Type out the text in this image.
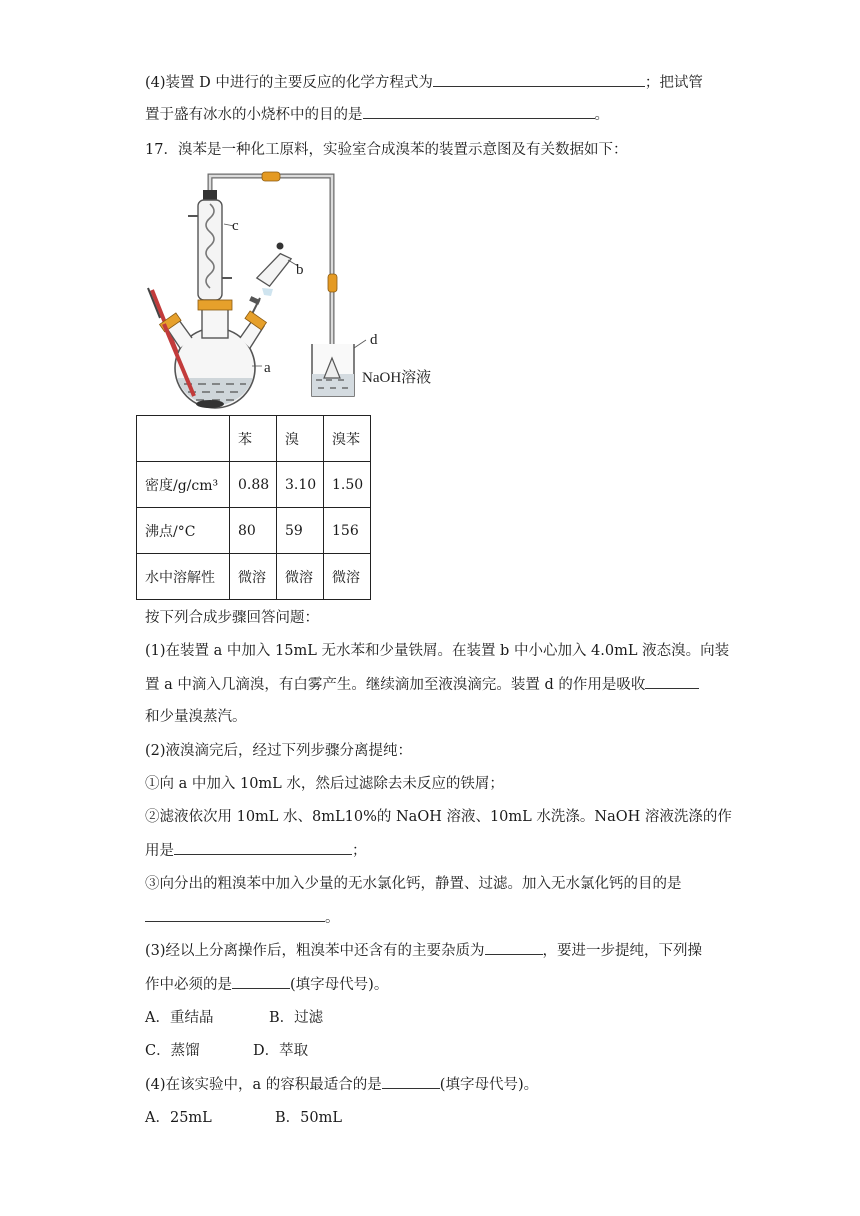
(4)装置 D 中进行的主要反应的化学方程式为	；把试管
置于盛有冰水的小烧杯中的目的是	。
17．溴苯是一种化工原料，实验室合成溴苯的装置示意图及有关数据如下：
c
b
a
d
NaOH溶液
	苯	溴	溴苯
密度/g/cm³	0.88	3.10	1.50
沸点/°C	80	59	156
水中溶解性	微溶	微溶	微溶
按下列合成步骤回答问题：
(1)在装置 a 中加入 15mL 无水苯和少量铁屑。在装置 b 中小心加入 4.0mL 液态溴。向装
置 a 中滴入几滴溴，有白雾产生。继续滴加至液溴滴完。装置 d 的作用是吸收
和少量溴蒸汽。
(2)液溴滴完后，经过下列步骤分离提纯：
①向 a 中加入 10mL 水，然后过滤除去未反应的铁屑；
②滤液依次用 10mL 水、8mL10%的 NaOH 溶液、10mL 水洗涤。NaOH 溶液洗涤的作
用是	；
③向分出的粗溴苯中加入少量的无水氯化钙，静置、过滤。加入无水氯化钙的目的是
。
(3)经以上分离操作后，粗溴苯中还含有的主要杂质为	，要进一步提纯，下列操
作中必须的是	(填字母代号)。
A．重结晶	B．过滤
C．蒸馏	D．萃取
(4)在该实验中，a 的容积最适合的是	(填字母代号)。
A．25mL	B．50mL
